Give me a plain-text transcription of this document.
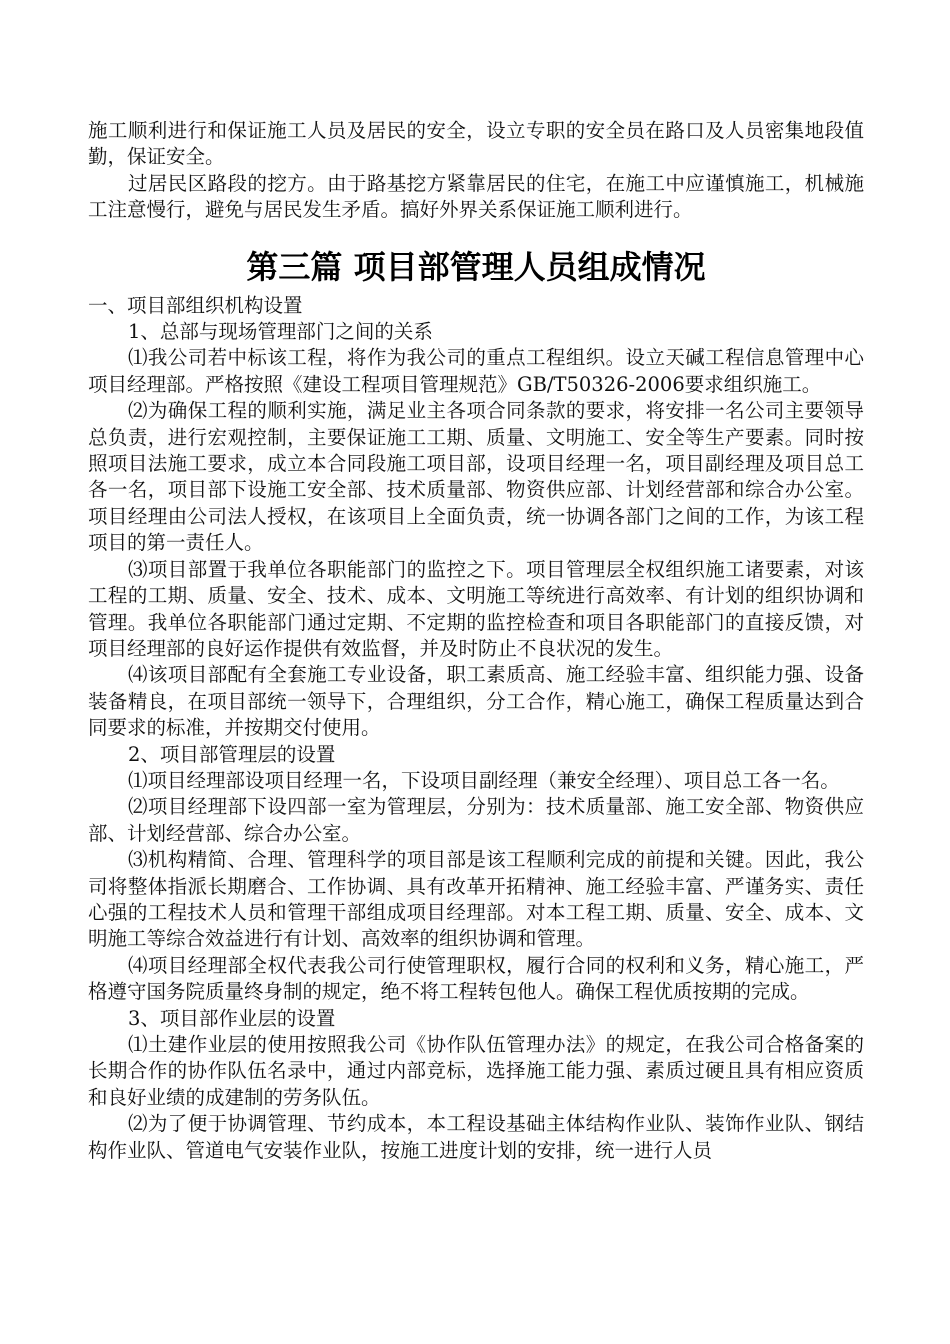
施工顺利进行和保证施工人员及居民的安全，设立专职的安全员在路口及人员密集地段值勤，保证安全。

过居民区路段的挖方。由于路基挖方紧靠居民的住宅，在施工中应谨慎施工，机械施工注意慢行，避免与居民发生矛盾。搞好外界关系保证施工顺利进行。

第三篇 项目部管理人员组成情况

一、项目部组织机构设置

1、总部与现场管理部门之间的关系

⑴我公司若中标该工程，将作为我公司的重点工程组织。设立天碱工程信息管理中心项目经理部。严格按照《建设工程项目管理规范》GB/T50326-2006要求组织施工。

⑵为确保工程的顺利实施，满足业主各项合同条款的要求，将安排一名公司主要领导总负责，进行宏观控制，主要保证施工工期、质量、文明施工、安全等生产要素。同时按照项目法施工要求，成立本合同段施工项目部，设项目经理一名，项目副经理及项目总工各一名，项目部下设施工安全部、技术质量部、物资供应部、计划经营部和综合办公室。项目经理由公司法人授权，在该项目上全面负责，统一协调各部门之间的工作，为该工程项目的第一责任人。

⑶项目部置于我单位各职能部门的监控之下。项目管理层全权组织施工诸要素，对该工程的工期、质量、安全、技术、成本、文明施工等统进行高效率、有计划的组织协调和管理。我单位各职能部门通过定期、不定期的监控检查和项目各职能部门的直接反馈，对项目经理部的良好运作提供有效监督，并及时防止不良状况的发生。

⑷该项目部配有全套施工专业设备，职工素质高、施工经验丰富、组织能力强、设备装备精良，在项目部统一领导下，合理组织，分工合作，精心施工，确保工程质量达到合同要求的标准，并按期交付使用。

2、项目部管理层的设置

⑴项目经理部设项目经理一名，下设项目副经理（兼安全经理）、项目总工各一名。

⑵项目经理部下设四部一室为管理层，分别为：技术质量部、施工安全部、物资供应部、计划经营部、综合办公室。

⑶机构精简、合理、管理科学的项目部是该工程顺利完成的前提和关键。因此，我公司将整体指派长期磨合、工作协调、具有改革开拓精神、施工经验丰富、严谨务实、责任心强的工程技术人员和管理干部组成项目经理部。对本工程工期、质量、安全、成本、文明施工等综合效益进行有计划、高效率的组织协调和管理。

⑷项目经理部全权代表我公司行使管理职权，履行合同的权利和义务，精心施工，严格遵守国务院质量终身制的规定，绝不将工程转包他人。确保工程优质按期的完成。

3、项目部作业层的设置

⑴土建作业层的使用按照我公司《协作队伍管理办法》的规定，在我公司合格备案的长期合作的协作队伍名录中，通过内部竞标，选择施工能力强、素质过硬且具有相应资质和良好业绩的成建制的劳务队伍。

⑵为了便于协调管理、节约成本，本工程设基础主体结构作业队、装饰作业队、钢结构作业队、管道电气安装作业队，按施工进度计划的安排，统一进行人员
